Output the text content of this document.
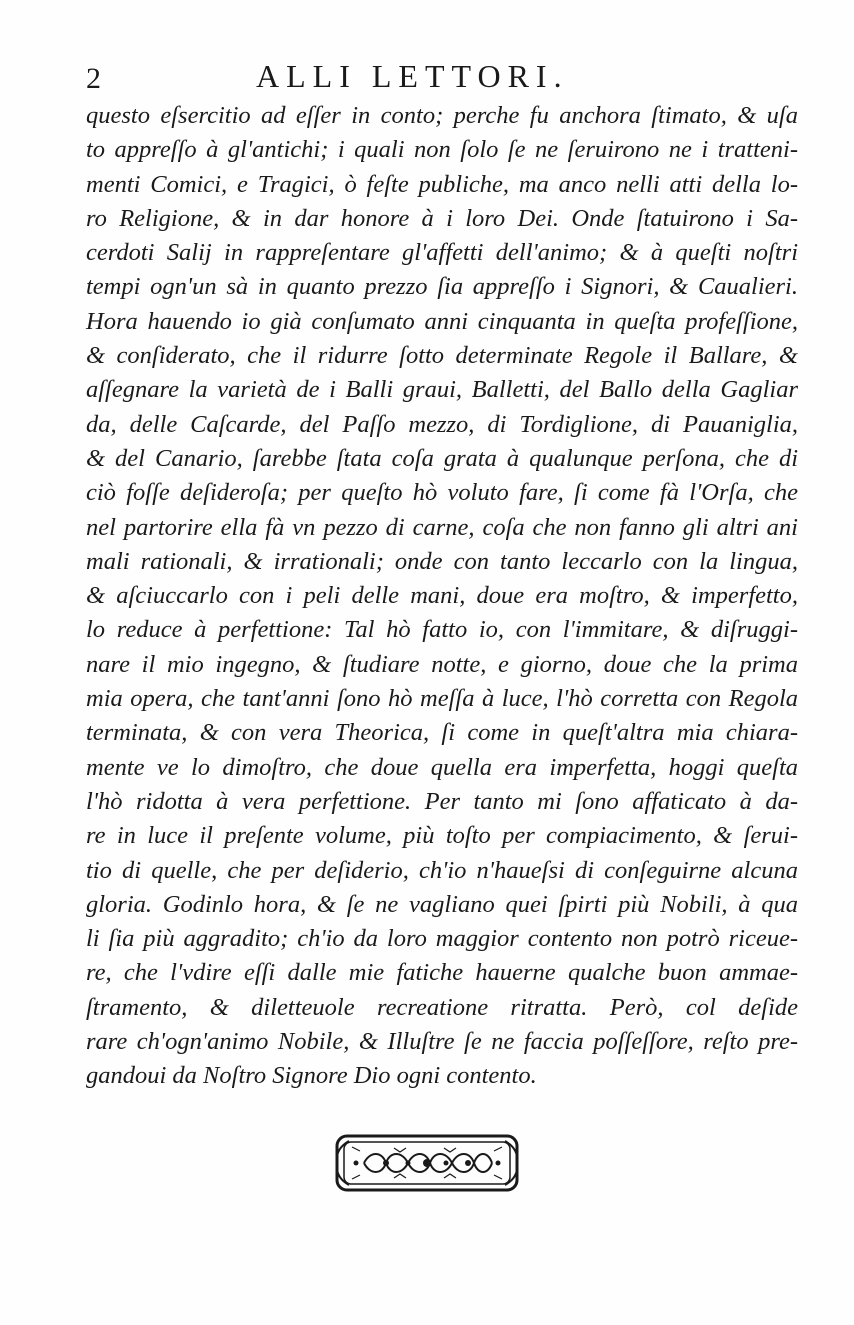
2	ALLI LETTORI.
questo eſsercitio ad eſſer in conto; perche fu anchora ſtimato, & uſa
to appreſſo à gl'antichi; i quali non ſolo ſe ne ſeruirono ne i tratteni-
menti Comici, e Tragici, ò feſte publiche, ma anco nelli atti della lo-
ro Religione, & in dar honore à i loro Dei. Onde ſtatuirono i Sa-
cerdoti Salij in rappreſentare gl'affetti dell'animo; & à queſti noſtri
tempi ogn'un sà in quanto prezzo ſia appreſſo i Signori, & Caualieri.
Hora hauendo io già conſumato anni cinquanta in queſta profeſſione,
& conſiderato, che il ridurre ſotto determinate Regole il Ballare, &
aſſegnare la varietà de i Balli graui, Balletti, del Ballo della Gagliar
da, delle Caſcarde, del Paſſo mezzo, di Tordiglione, di Pauaniglia,
& del Canario, ſarebbe ſtata coſa grata à qualunque perſona, che di
ciò foſſe deſideroſa; per queſto hò voluto fare, ſi come fà l'Orſa, che
nel partorire ella fà vn pezzo di carne, coſa che non fanno gli altri ani
mali rationali, & irrationali; onde con tanto leccarlo con la lingua,
& aſciuccarlo con i peli delle mani, doue era moſtro, & imperfetto,
lo reduce à perfettione: Tal hò fatto io, con l'immitare, & diſruggi-
nare il mio ingegno, & ſtudiare notte, e giorno, doue che la prima
mia opera, che tant'anni ſono hò meſſa à luce, l'hò corretta con Regola
terminata, & con vera Theorica, ſi come in queſt'altra mia chiara-
mente ve lo dimoſtro, che doue quella era imperfetta, hoggi queſta
l'hò ridotta à vera perfettione. Per tanto mi ſono affaticato à da-
re in luce il preſente volume, più toſto per compiacimento, & ſerui-
tio di quelle, che per deſiderio, ch'io n'haueſsi di conſeguirne alcuna
gloria. Godinlo hora, & ſe ne vagliano quei ſpirti più Nobili, à qua
li ſia più aggradito; ch'io da loro maggior contento non potrò riceue-
re, che l'vdire eſſi dalle mie fatiche hauerne qualche buon ammae-
ſtramento, & diletteuole recreatione ritratta. Però, col deſide
rare ch'ogn'animo Nobile, & Illuſtre ſe ne faccia poſſeſſore, reſto pre-
gandoui da Noſtro Signore Dio ogni contento.
